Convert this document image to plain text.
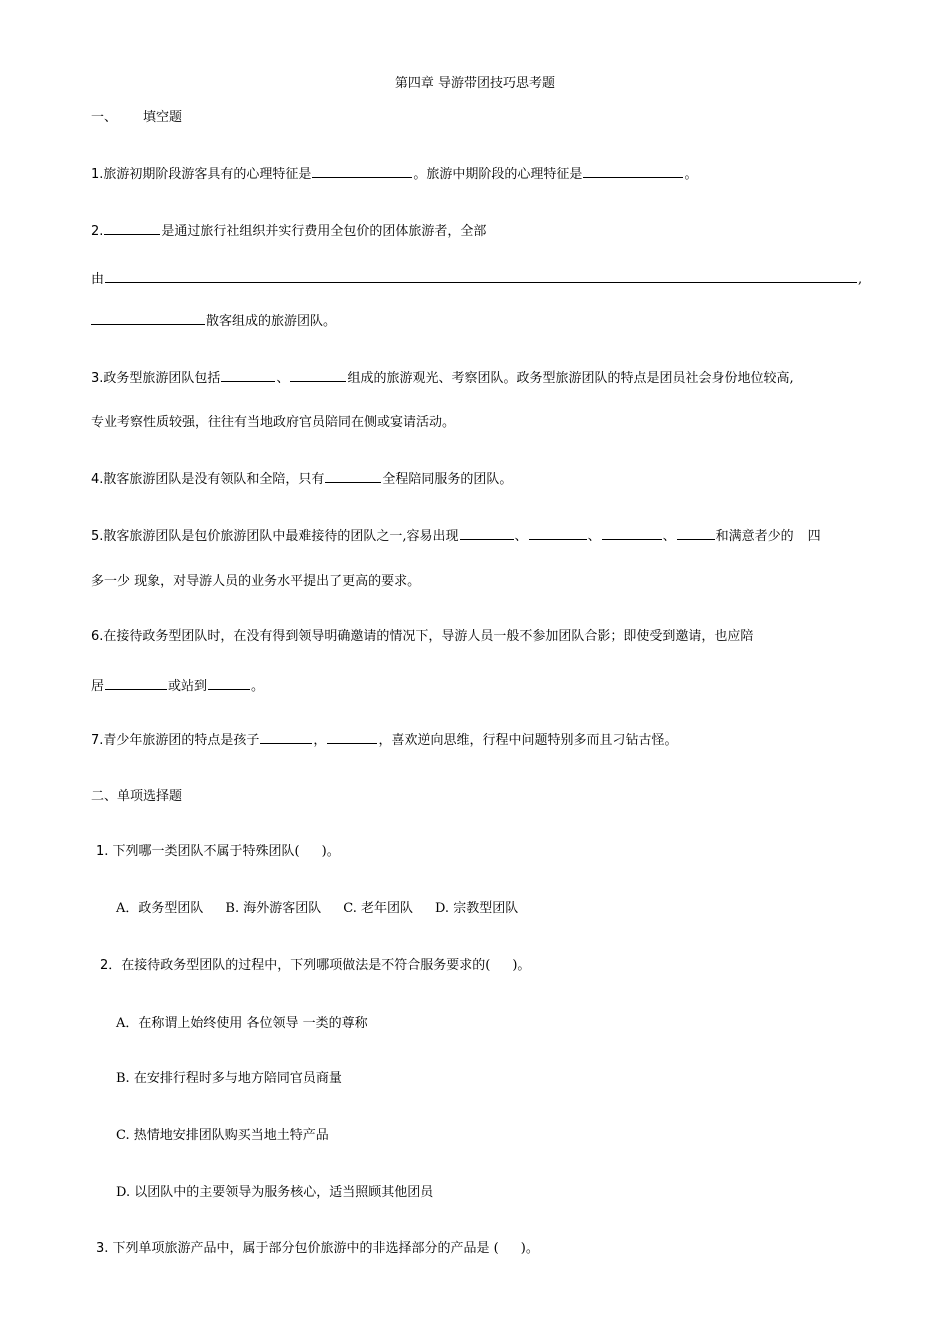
第四章 导游带团技巧思考题
一、 填空题
1.旅游初期阶段游客具有的心理特征是	。旅游中期阶段的心理特征是	。
2.	是通过旅行社组织并实行费用全包价的团体旅游者，全部
由	,
散客组成的旅游团队。
3.政务型旅游团队包括	、	组成的旅游观光、考察团队。政务型旅游团队的特点是团员社会身份地位较高,
专业考察性质较强，往往有当地政府官员陪同在侧或宴请活动。
4.散客旅游团队是没有领队和全陪，只有	全程陪同服务的团队。
5.散客旅游团队是包价旅游团队中最难接待的团队之一,容易出现	、	、	、	和满意者少的 四
多一少 现象，对导游人员的业务水平提出了更高的要求。
6.在接待政务型团队时，在没有得到领导明确邀请的情况下，导游人员一般不参加团队合影；即使受到邀请，也应陪
居	或站到	。
7.青少年旅游团的特点是孩子	，	，喜欢逆向思维，行程中问题特别多而且刁钻古怪。
二、单项选择题
1. 下列哪一类团队不属于特殊团队( )。
A．政务型团队 B. 海外游客团队 C. 老年团队 D. 宗教型团队
2．在接待政务型团队的过程中，下列哪项做法是不符合服务要求的( )。
A．在称谓上始终使用 各位领导 一类的尊称
B. 在安排行程时多与地方陪同官员商量
C. 热情地安排团队购买当地土特产品
D. 以团队中的主要领导为服务核心，适当照顾其他团员
3. 下列单项旅游产品中，属于部分包价旅游中的非选择部分的产品是 ( )。
